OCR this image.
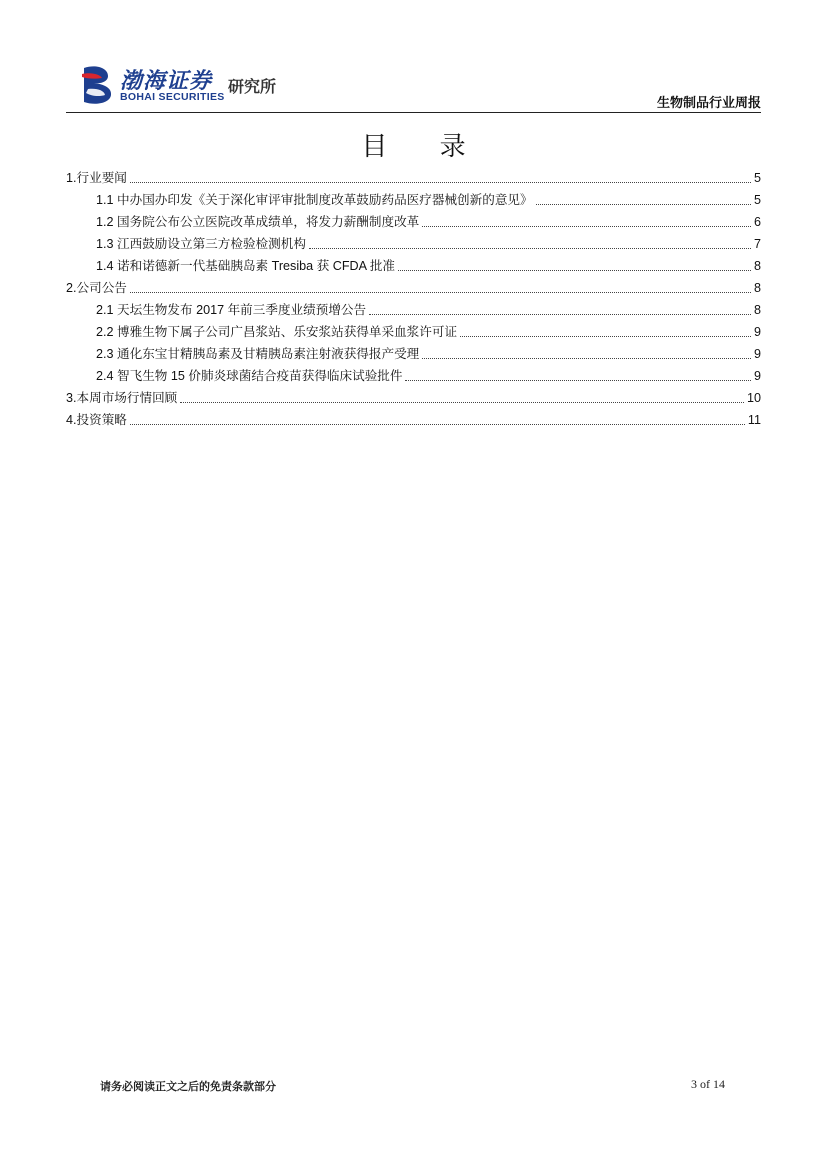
渤海证券
BOHAI SECURITIES
研究所
生物制品行业周报
目 录
1.行业要闻	5
1.1 中办国办印发《关于深化审评审批制度改革鼓励药品医疗器械创新的意见》	5
1.2 国务院公布公立医院改革成绩单，将发力薪酬制度改革	6
1.3 江西鼓励设立第三方检验检测机构	7
1.4 诺和诺德新一代基础胰岛素 Tresiba 获 CFDA 批准	8
2.公司公告	8
2.1 天坛生物发布 2017 年前三季度业绩预增公告	8
2.2 博雅生物下属子公司广昌浆站、乐安浆站获得单采血浆许可证	9
2.3 通化东宝甘精胰岛素及甘精胰岛素注射液获得报产受理	9
2.4 智飞生物 15 价肺炎球菌结合疫苗获得临床试验批件	9
3.本周市场行情回顾	10
4.投资策略	11
请务必阅读正文之后的免责条款部分	3 of 14
